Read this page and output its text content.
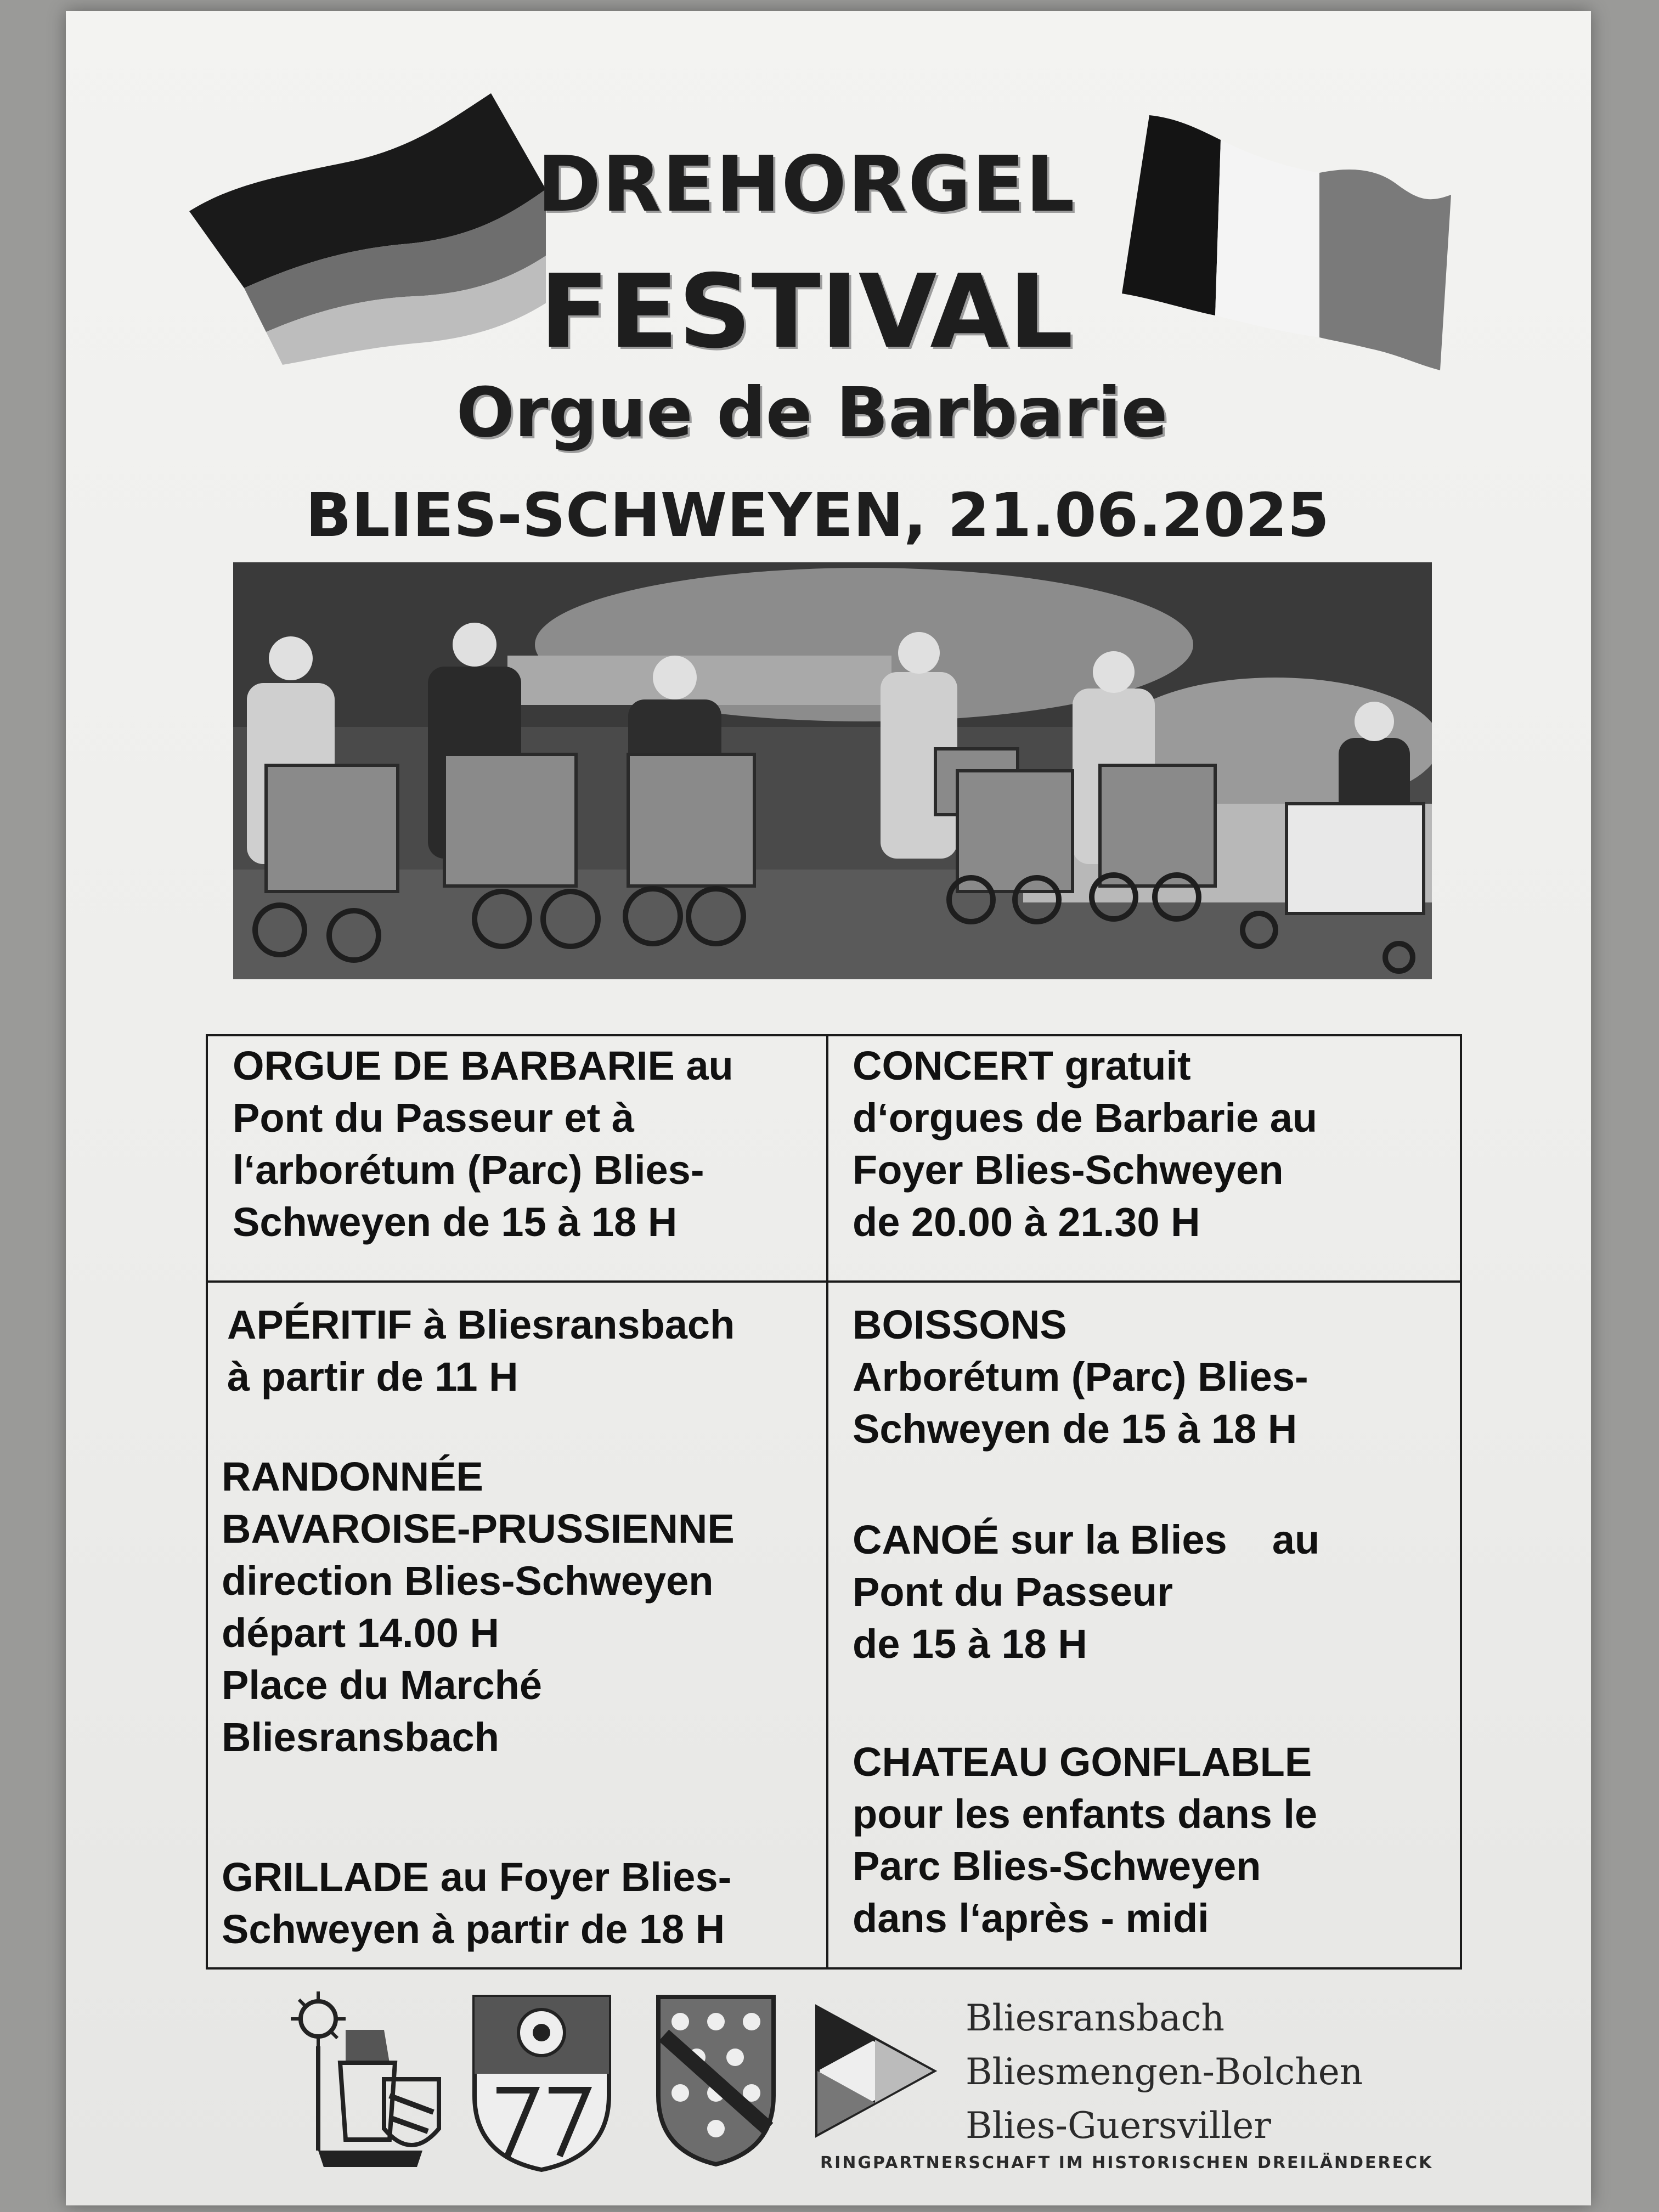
DREHORGEL
FESTIVAL
Orgue de Barbarie
BLIES-SCHWEYEN, 21.06.2025

ORGUE DE BARBARIE au

Pont du Passeur et à

l‘arborétum (Parc) Blies-

Schweyen de 15 à 18 H

CONCERT gratuit

d‘orgues de Barbarie au

Foyer Blies-Schweyen

de 20.00 à 21.30 H

APÉRITIF à Bliesransbach

à partir de 11 H

RANDONNÉE

BAVAROISE-PRUSSIENNE

direction Blies-Schweyen

départ 14.00 H

Place du Marché

Bliesransbach

GRILLADE au Foyer Blies-

Schweyen à partir de 18 H

BOISSONS

Arborétum (Parc) Blies-

Schweyen de 15 à 18 H

CANOÉ sur la Blies    au

Pont du Passeur

de 15 à 18 H

CHATEAU GONFLABLE

pour les enfants dans le

Parc Blies-Schweyen

dans l‘après - midi

Bliesransbach
Bliesmengen-Bolchen
Blies-Guersviller
RINGPARTNERSCHAFT IM HISTORISCHEN DREILÄNDERECK
